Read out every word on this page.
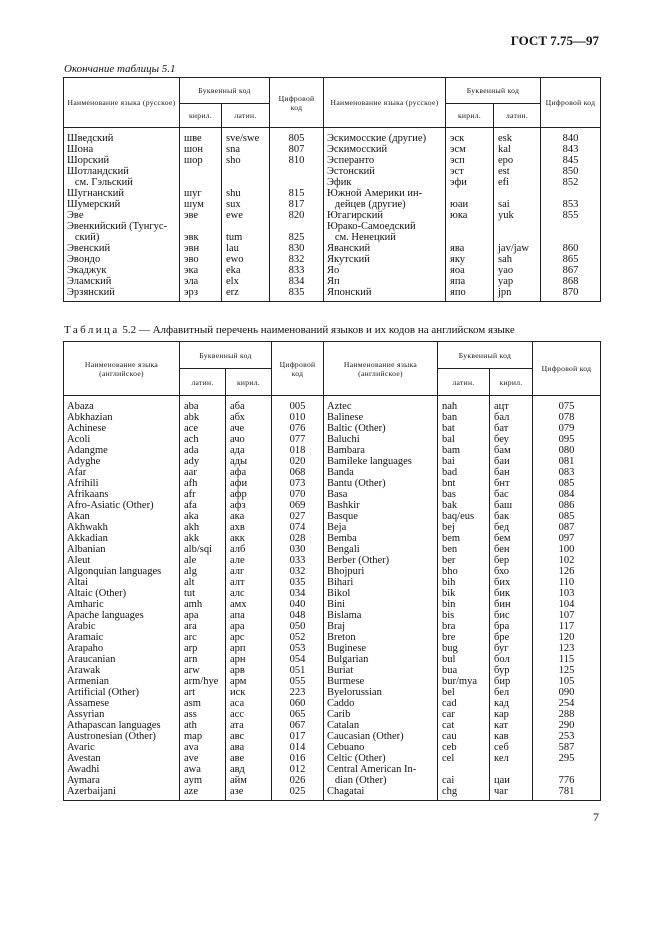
ГОСТ 7.75—97
Окончание таблицы 5.1
Наименование языка (русское)	Буквенный код		Цифровой код	Наименование языка (русское)	Буквенный код		Цифровой код
	кирил.	латин.			кирил.	латин.	
Шведский	шве	sve/swe	805	Эскимосские (другие)	эск	esk	840
Шона	шон	sna	807	Эскимосский	эсм	kal	843
Шорский	шор	sho	810	Эсперанто	эсп	epo	845
Шотландский				Эстонский	эст	est	850
см. Гэльский				Эфик	эфи	efi	852
Шугнанский	шуг	shu	815	Южной Америки ин-			
Шумерский	шум	sux	817	дейцев (другие)	юаи	sai	853
Эве	эве	ewe	820	Югагирский	юка	yuk	855
Эвенкийский (Тунгус-				Юрако-Самоедский			
ский)	эвк	tum	825	см. Ненецкий			
Эвенский	эвн	lau	830	Яванский	ява	jav/jaw	860
Эвондо	эво	ewo	832	Якутский	яку	sah	865
Экаджук	эка	eka	833	Яо	яоа	yao	867
Эламский	эла	elx	834	Яп	япа	yap	868
Эрзянский	эрз	erz	835	Японский	япо	jpn	870
Таблица 5.2 — Алфавитный перечень наименований языков и их кодов на английском языке
Наименование языка (английское)	Буквенный код		Цифровой код	Наименование языка (английское)	Буквенный код		Цифровой код
	латин.	кирил.			латин.	кирил.	
Abaza	aba	аба	005	Aztec	nah	ацт	075
Abkhazian	abk	абх	010	Balinese	ban	бал	078
Achinese	ace	аче	076	Baltic (Other)	bat	бат	079
Acoli	ach	ачо	077	Baluchi	bal	беу	095
Adangme	ada	ада	018	Bambara	bam	бам	080
Adyghe	ady	ады	020	Bamileke languages	bai	баи	081
Afar	aar	афа	068	Banda	bad	бан	083
Afrihili	afh	афи	073	Bantu (Other)	bnt	бнт	085
Afrikaans	afr	афр	070	Basa	bas	бас	084
Afro-Asiatic (Other)	afa	афз	069	Bashkir	bak	баш	086
Akan	aka	ака	027	Basque	baq/eus	бак	085
Akhwakh	akh	ахв	074	Beja	bej	бед	087
Akkadian	akk	акк	028	Bemba	bem	бем	097
Albanian	alb/sqi	алб	030	Bengali	ben	бен	100
Aleut	ale	але	033	Berber (Other)	ber	бер	102
Algonquian languages	alg	алг	032	Bhojpuri	bho	бхо	126
Altai	alt	алт	035	Bihari	bih	бих	110
Altaic (Other)	tut	алс	034	Bikol	bik	бик	103
Amharic	amh	амх	040	Bini	bin	бин	104
Apache languages	apa	апа	048	Bislama	bis	бис	107
Arabic	ara	ара	050	Braj	bra	бра	117
Aramaic	arc	арс	052	Breton	bre	бре	120
Arapaho	arp	арп	053	Buginese	bug	буг	123
Araucanian	arn	арн	054	Bulgarian	bul	бол	115
Arawak	arw	арв	051	Buriat	bua	бур	125
Armenian	arm/hye	арм	055	Burmese	bur/mya	бир	105
Artificial (Other)	art	иск	223	Byelorussian	bel	бел	090
Assamese	asm	аса	060	Caddo	cad	кад	254
Assyrian	ass	асс	065	Carib	car	кар	288
Athapascan languages	ath	ата	067	Catalan	cat	кат	290
Austronesian (Other)	map	авс	017	Caucasian (Other)	cau	кав	253
Avaric	ava	ава	014	Cebuano	ceb	себ	587
Avestan	ave	аве	016	Celtic (Other)	cel	кел	295
Awadhi	awa	авд	012	Central American In-			
Aymara	aym	айм	026	dian (Other)	cai	цаи	776
Azerbaijani	aze	азе	025	Chagatai	chg	чаг	781
7
